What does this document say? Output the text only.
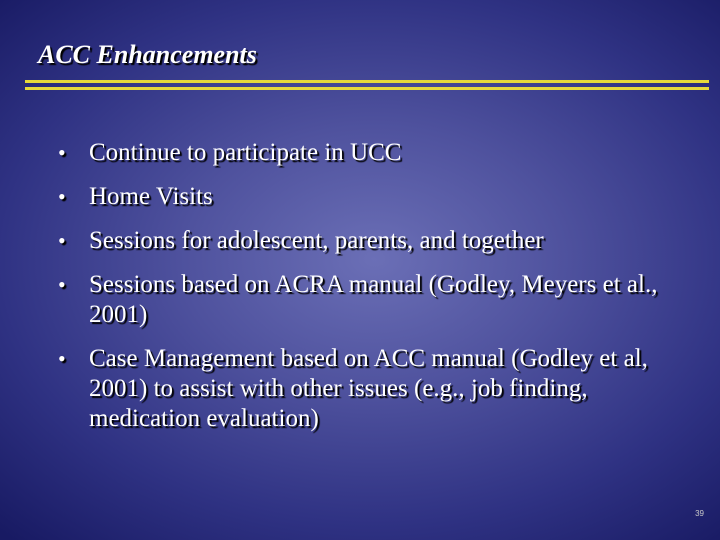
ACC Enhancements
• Continue to participate in UCC
• Home Visits
• Sessions for adolescent, parents, and together
• Sessions based on ACRA manual (Godley, Meyers et al., 2001)
• Case Management based on ACC manual (Godley et al, 2001) to assist with other issues (e.g., job finding, medication evaluation)
39
